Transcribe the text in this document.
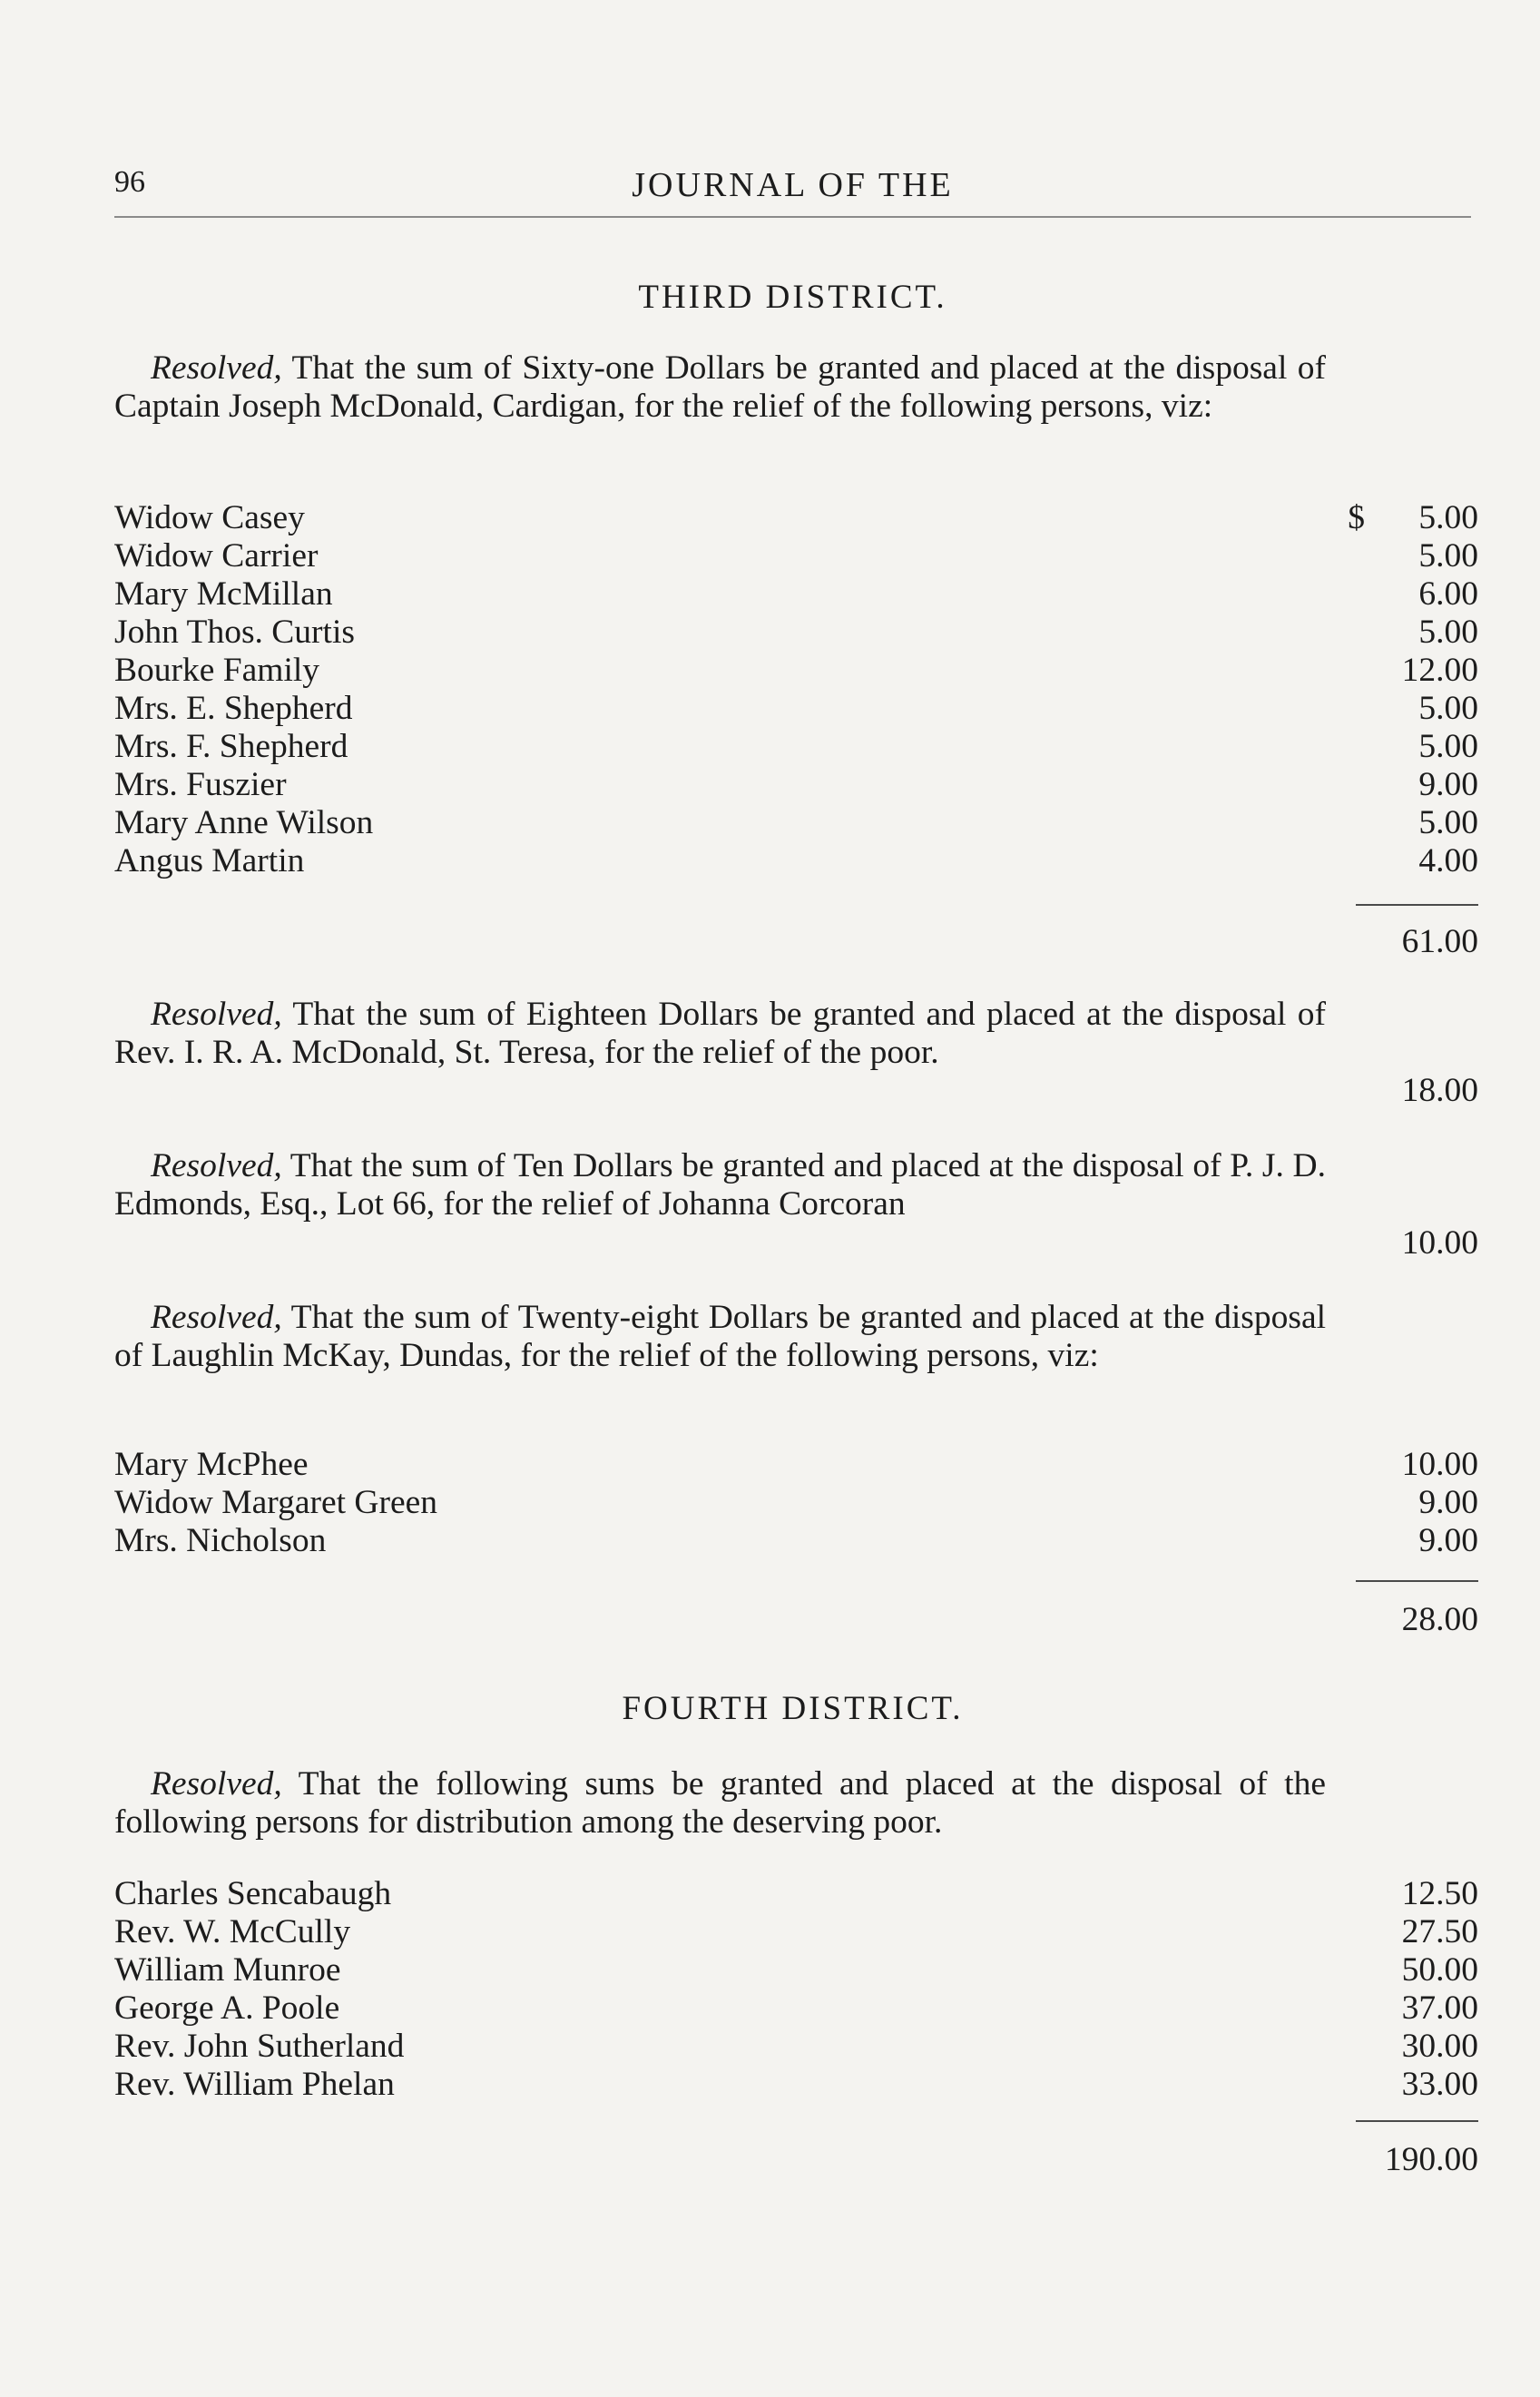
96	JOURNAL OF THE
THIRD DISTRICT.
Resolved, That the sum of Sixty-one Dollars be granted and placed at the disposal of Captain Joseph McDonald, Cardigan, for the relief of the following persons, viz:
$
Widow Casey	5.00
Widow Carrier	5.00
Mary McMillan	6.00
John Thos. Curtis	5.00
Bourke Family	12.00
Mrs. E. Shepherd	5.00
Mrs. F. Shepherd	5.00
Mrs. Fuszier	9.00
Mary Anne Wilson	5.00
Angus Martin	4.00
61.00
Resolved, That the sum of Eighteen Dollars be granted and placed at the disposal of Rev. I. R. A. McDonald, St. Teresa, for the relief of the poor.
18.00
Resolved, That the sum of Ten Dollars be granted and placed at the disposal of P. J. D. Edmonds, Esq., Lot 66, for the relief of Johanna Corcoran
10.00
Resolved, That the sum of Twenty-eight Dollars be granted and placed at the disposal of Laughlin McKay, Dundas, for the relief of the following persons, viz:
Mary McPhee	10.00
Widow Margaret Green	9.00
Mrs. Nicholson	9.00
28.00
FOURTH DISTRICT.
Resolved, That the following sums be granted and placed at the disposal of the following persons for distribution among the deserving poor.
Charles Sencabaugh	12.50
Rev. W. McCully	27.50
William Munroe	50.00
George A. Poole	37.00
Rev. John Sutherland	30.00
Rev. William Phelan	33.00
190.00
